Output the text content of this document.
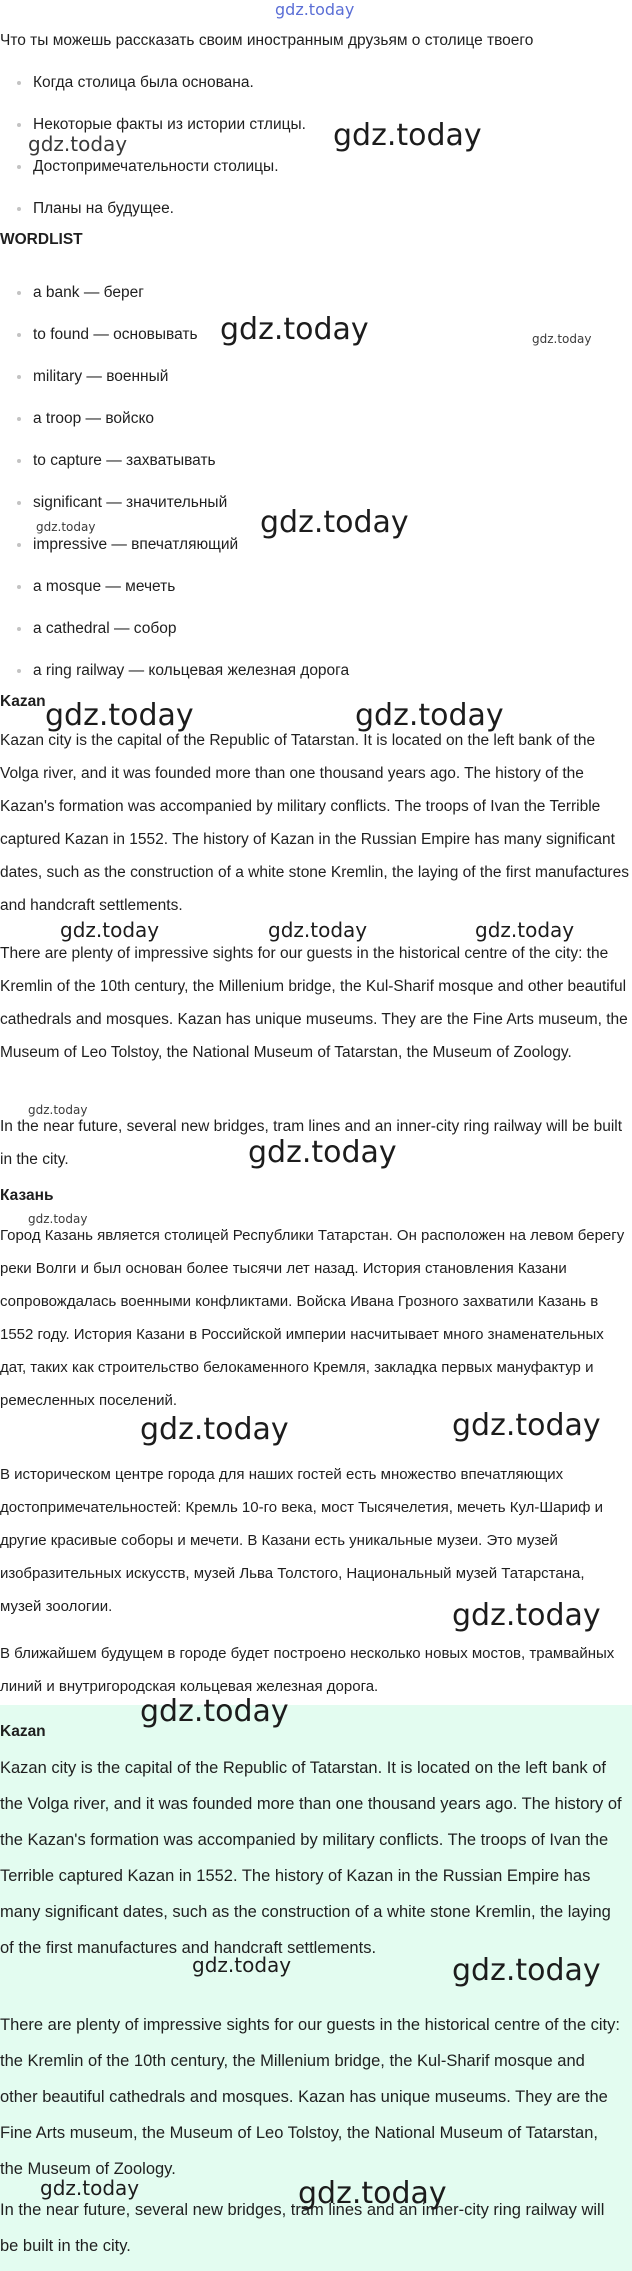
gdz.today

Что ты можешь рассказать своим иностранным друзьям о столице твоего

Когда столица была основана.
Некоторые факты из истории стлицы.
Достопримечательности столицы.
Планы на будущее.
WORDLIST
a bank — берег
to found — основывать
military — военный
a troop — войско
to capture — захватывать
significant — значительный
impressive — впечатляющий
a mosque — мечеть
a cathedral — собор
a ring railway — кольцевая железная дорога
Kazan

Kazan city is the capital of the Republic of Tatarstan. It is located on the left bank of the Volga river, and it was founded more than one thousand years ago. The history of the Kazan's formation was accompanied by military conflicts. The troops of Ivan the Terrible captured Kazan in 1552. The history of Kazan in the Russian Empire has many significant dates, such as the construction of a white stone Kremlin, the laying of the first manufactures and handcraft settlements.

There are plenty of impressive sights for our guests in the historical centre of the city: the Kremlin of the 10th century, the Millenium bridge, the Kul-Sharif mosque and other beautiful cathedrals and mosques. Kazan has unique museums. They are the Fine Arts museum, the Museum of Leo Tolstoy, the National Museum of Tatarstan, the Museum of Zoology.

In the near future, several new bridges, tram lines and an inner-city ring railway will be built in the city.

Казань

Город Казань является столицей Республики Татарстан. Он расположен на левом берегу реки Волги и был основан более тысячи лет назад. История становления Казани сопровождалась военными конфликтами. Войска Ивана Грозного захватили Казань в 1552 году. История Казани в Российской империи насчитывает много знаменательных дат, таких как строительство белокаменного Кремля, закладка первых мануфактур и ремесленных поселений.

В историческом центре города для наших гостей есть множество впечатляющих достопримечательностей: Кремль 10-го века, мост Тысячелетия, мечеть Кул-Шариф и другие красивые соборы и мечети. В Казани есть уникальные музеи. Это музей изобразительных искусств, музей Льва Толстого, Национальный музей Татарстана, музей зоологии.

В ближайшем будущем в городе будет построено несколько новых мостов, трамвайных линий и внутригородская кольцевая железная дорога.

Kazan

Kazan city is the capital of the Republic of Tatarstan. It is located on the left bank of the Volga river, and it was founded more than one thousand years ago. The history of the Kazan's formation was accompanied by military conflicts. The troops of Ivan the Terrible captured Kazan in 1552. The history of Kazan in the Russian Empire has many significant dates, such as the construction of a white stone Kremlin, the laying of the first manufactures and handcraft settlements.

There are plenty of impressive sights for our guests in the historical centre of the city: the Kremlin of the 10th century, the Millenium bridge, the Kul-Sharif mosque and other beautiful cathedrals and mosques. Kazan has unique museums. They are the Fine Arts museum, the Museum of Leo Tolstoy, the National Museum of Tatarstan, the Museum of Zoology.

In the near future, several new bridges, tram lines and an inner-city ring railway will be built in the city.

gdz.today
gdz.today
gdz.today	gdz.today
gdz.today
gdz.today
gdz.today	gdz.today
gdz.today	gdz.today	gdz.today
gdz.today
gdz.today
gdz.today
gdz.today	gdz.today
gdz.today
gdz.today
gdz.today	gdz.today
gdz.today	gdz.today
